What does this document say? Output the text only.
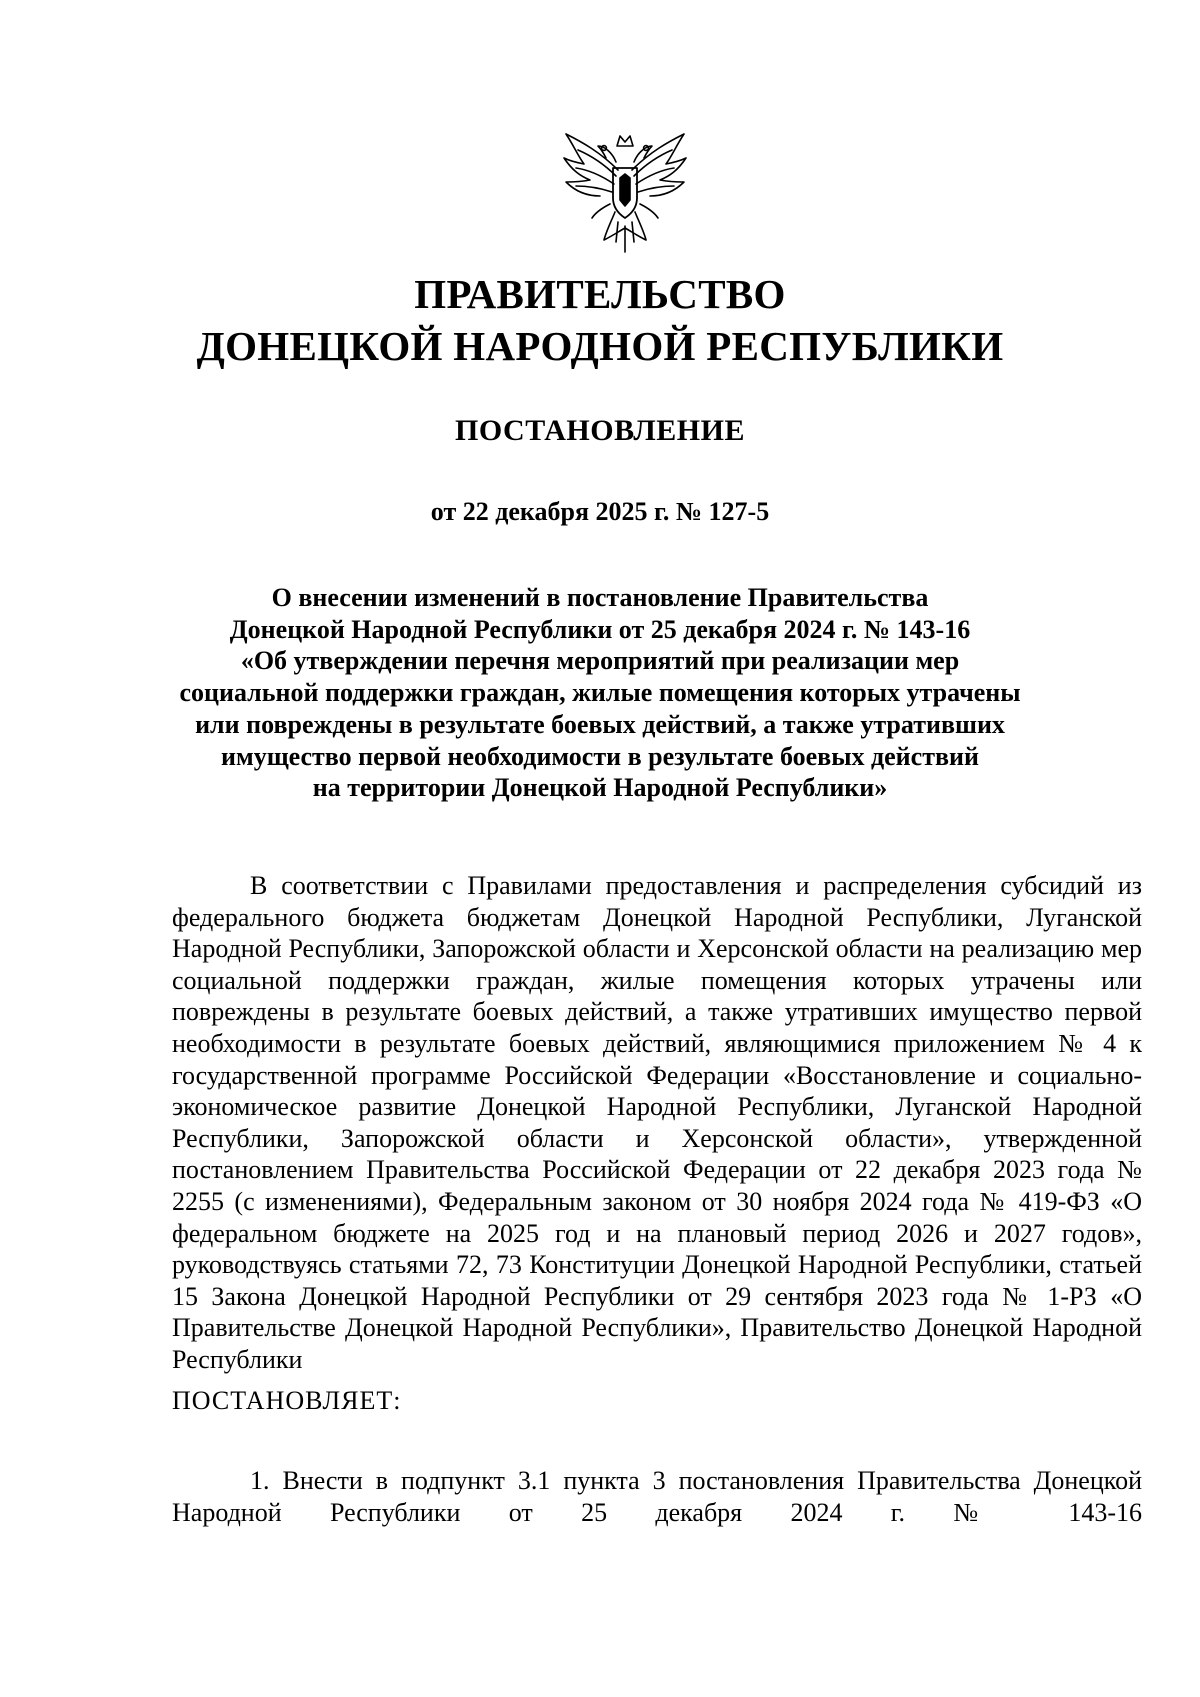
ПРАВИТЕЛЬСТВО
ДОНЕЦКОЙ НАРОДНОЙ РЕСПУБЛИКИ
ПОСТАНОВЛЕНИЕ
от 22 декабря 2025 г. № 127-5
О внесении изменений в постановление Правительства
Донецкой Народной Республики от 25 декабря 2024 г. № 143-16
«Об утверждении перечня мероприятий при реализации мер
социальной поддержки граждан, жилые помещения которых утрачены
или повреждены в результате боевых действий, а также утративших
имущество первой необходимости в результате боевых действий
на территории Донецкой Народной Республики»
В соответствии с Правилами предоставления и распределения субсидий из федерального бюджета бюджетам Донецкой Народной Республики, Луганской Народной Республики, Запорожской области и Херсонской области на реализацию мер социальной поддержки граждан, жилые помещения которых утрачены или повреждены в результате боевых действий, а также утративших имущество первой необходимости в результате боевых действий, являющимися приложением № 4 к государственной программе Российской Федерации «Восстановление и социально-экономическое развитие Донецкой Народной Республики, Луганской Народной Республики, Запорожской области и Херсонской области», утвержденной постановлением Правительства Российской Федерации от 22 декабря 2023 года № 2255 (с изменениями), Федеральным законом от 30 ноября 2024 года № 419-ФЗ «О федеральном бюджете на 2025 год и на плановый период 2026 и 2027 годов», руководствуясь статьями 72, 73 Конституции Донецкой Народной Республики, статьей 15 Закона Донецкой Народной Республики от 29 сентября 2023 года № 1-РЗ «О Правительстве Донецкой Народной Республики», Правительство Донецкой Народной Республики
ПОСТАНОВЛЯЕТ:
1. Внести в подпункт 3.1 пункта 3 постановления Правительства Донецкой Народной Республики от 25 декабря 2024 г. № 143-16
